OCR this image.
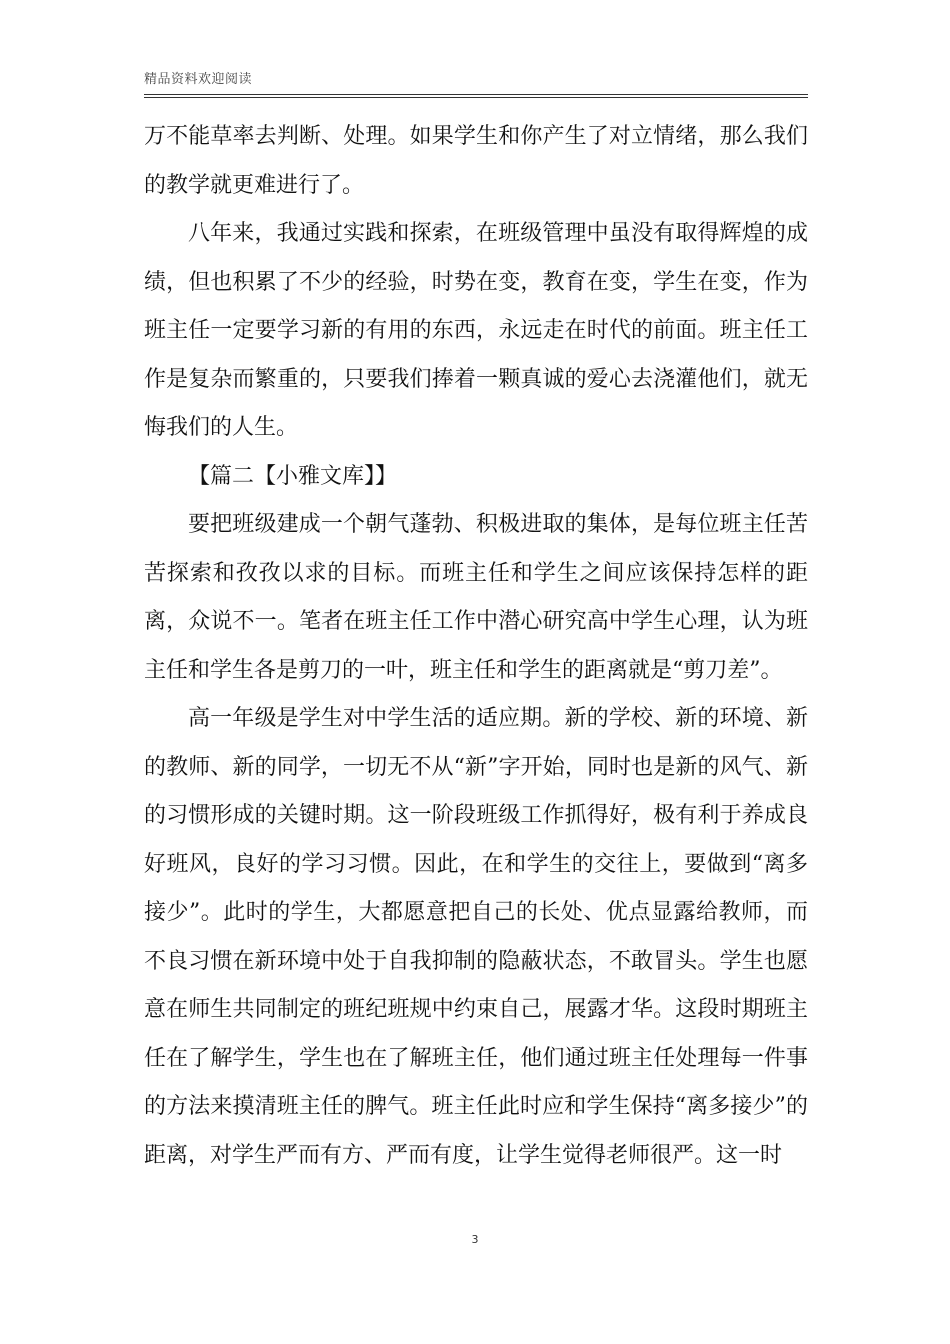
精品资料欢迎阅读

万不能草率去判断、处理。如果学生和你产生了对立情绪，那么我们的教学就更难进行了。

八年来，我通过实践和探索，在班级管理中虽没有取得辉煌的成绩，但也积累了不少的经验，时势在变，教育在变，学生在变，作为班主任一定要学习新的有用的东西，永远走在时代的前面。班主任工作是复杂而繁重的，只要我们捧着一颗真诚的爱心去浇灌他们，就无悔我们的人生。

【篇二【小雅文库】】

要把班级建成一个朝气蓬勃、积极进取的集体，是每位班主任苦苦探索和孜孜以求的目标。而班主任和学生之间应该保持怎样的距离，众说不一。笔者在班主任工作中潜心研究高中学生心理，认为班主任和学生各是剪刀的一叶，班主任和学生的距离就是“剪刀差”。

高一年级是学生对中学生活的适应期。新的学校、新的环境、新的教师、新的同学，一切无不从“新”字开始，同时也是新的风气、新的习惯形成的关键时期。这一阶段班级工作抓得好，极有利于养成良好班风，良好的学习习惯。因此，在和学生的交往上，要做到“离多接少”。此时的学生，大都愿意把自己的长处、优点显露给教师，而不良习惯在新环境中处于自我抑制的隐蔽状态，不敢冒头。学生也愿意在师生共同制定的班纪班规中约束自己，展露才华。这段时期班主任在了解学生，学生也在了解班主任，他们通过班主任处理每一件事的方法来摸清班主任的脾气。班主任此时应和学生保持“离多接少”的距离，对学生严而有方、严而有度，让学生觉得老师很严。这一时

3
